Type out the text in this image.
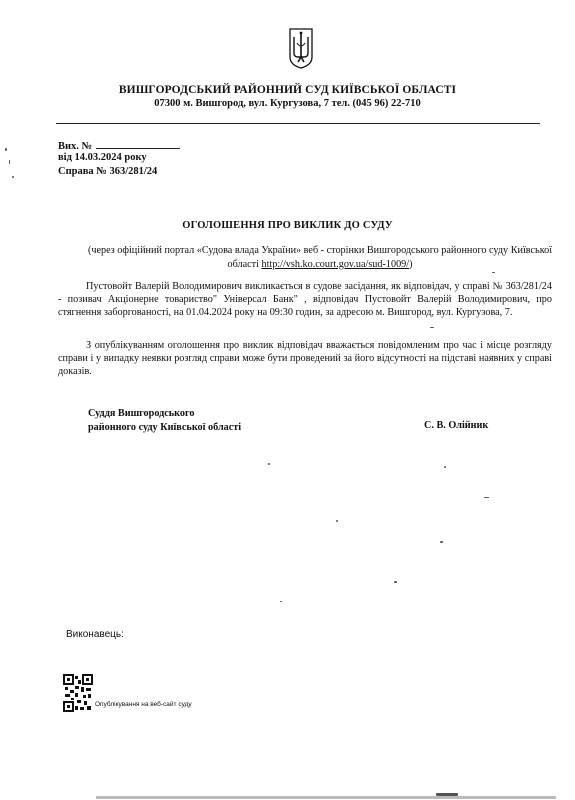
ВИШГОРОДСЬКИЙ РАЙОННИЙ СУД КИЇВСЬКОЇ ОБЛАСТІ
07300 м. Вишгород, вул. Кургузова, 7 тел. (045 96) 22-710
Вих. №
від 14.03.2024 року
Справа № 363/281/24
ОГОЛОШЕННЯ ПРО ВИКЛИК ДО СУДУ
(через офіційний портал «Судова влада України» веб - сторінки Вишгородського районного суду Київської області http://vsh.ko.court.gov.ua/sud-1009/)
Пустовойт Валерій Володимирович викликається в судове засідання, як відповідач, у справі № 363/281/24 - позивач Акціонерне товариство" Універсал Банк" , відповідач Пустовойт Валерій Володимирович, про стягнення заборгованості, на 01.04.2024 року на 09:30 годин, за адресою м. Вишгород, вул. Кургузова, 7.
З опублікуванням оголошення про виклик відповідач вважається повідомленим про час і місце розгляду справи і у випадку неявки розгляд справи може бути проведений за його відсутності на підставі наявних у справі доказів.
Суддя Вишгородського
районного суду Київської області	С. В. Олійник
Виконавець:
Опублікування на веб-сайт суду
